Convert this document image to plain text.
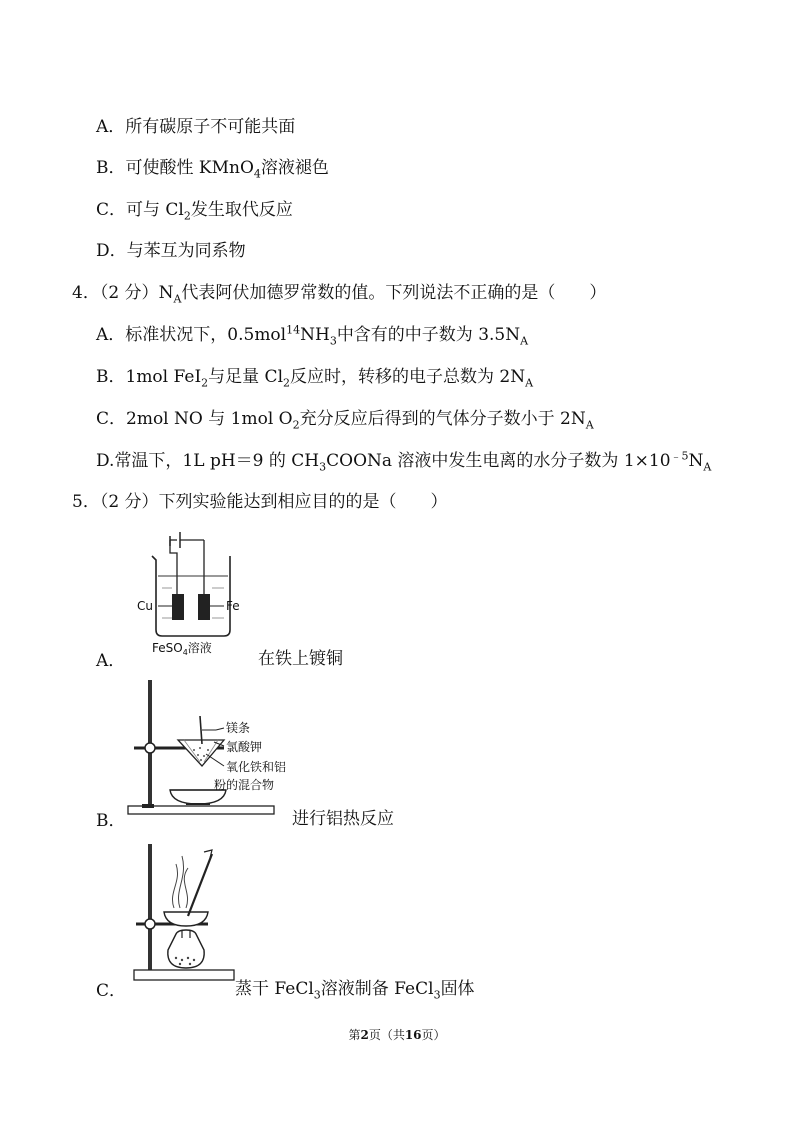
A．所有碳原子不可能共面
B．可使酸性 KMnO$_4$溶液褪色
C．可与 $Cl_2$发生取代反应
D．与苯互为同系物
4．（2 分）$N_A$代表阿伏加德罗常数的值。下列说法不正确的是（　　）
A．标准状况下，$0.5mol^{14}NH_3$中含有的中子数为 $3.5N_A$
B．1mol FeI$_2$与足量 $Cl_2$反应时，转移的电子总数为 $2N_A$
C．2mol NO 与 1mol $O_2$充分反应后得到的气体分子数小于 $2N_A$
D.常温下，1L pH＝9 的 $CH_3COONa$ 溶液中发生电离的水分子数为 $1\times 10^{﹣5}N_A$
5．（2 分）下列实验能达到相应目的的是（　　）
Cu	Fe
FeSO$_4$溶液
A．	在铁上镀铜
镁条
氯酸钾
氧化铁和铝
粉的混合物
B．	进行铝热反应
C．	蒸干 FeCl$_3$溶液制备 FeCl$_3$固体
第2页（共16页）
